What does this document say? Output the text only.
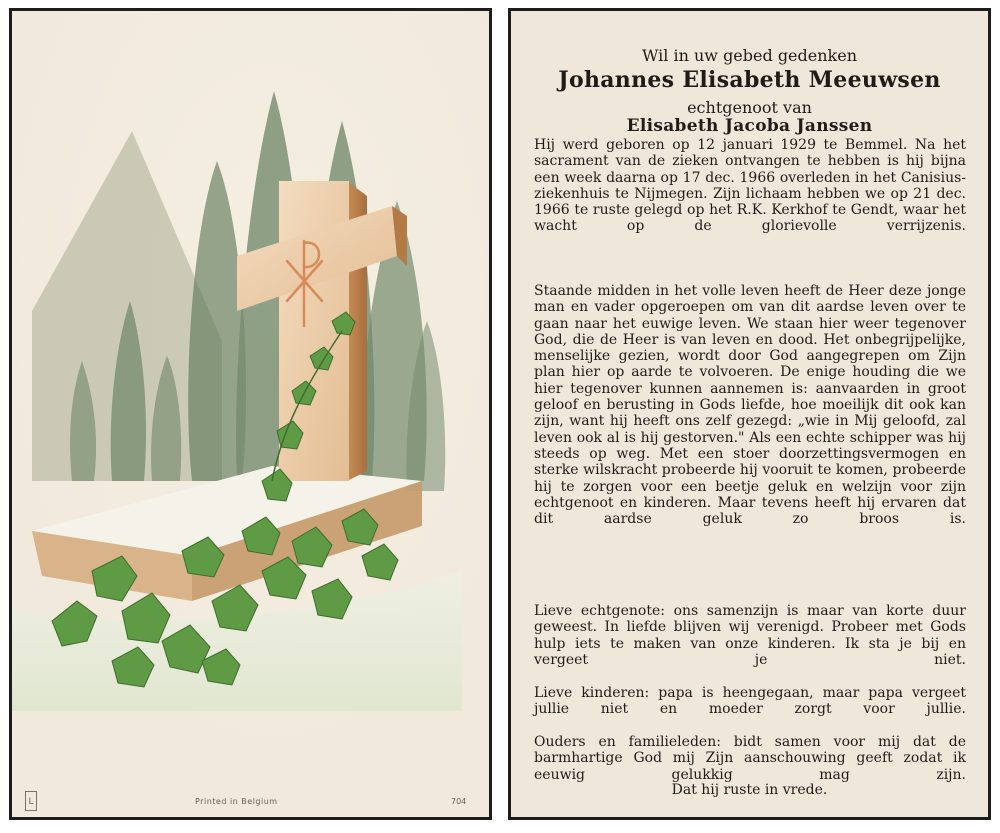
L	Printed in Belgium	704
Wil in uw gebed gedenken
Johannes Elisabeth Meeuwsen
echtgenoot van
Elisabeth Jacoba Janssen

Hij werd geboren op 12 januari 1929 te Bemmel. Na het sacrament van de zieken ontvangen te hebben is hij bijna een week daarna op 17 dec. 1966 overleden in het Canisius-ziekenhuis te Nijmegen. Zijn lichaam hebben we op 21 dec. 1966 te ruste gelegd op het R.K. Kerkhof te Gendt, waar het wacht op de glorievolle verrijzenis.

Staande midden in het volle leven heeft de Heer deze jonge man en vader opgeroepen om van dit aardse leven over te gaan naar het euwige leven. We staan hier weer tegenover God, die de Heer is van leven en dood. Het onbegrijpelijke, menselijke gezien, wordt door God aangegrepen om Zijn plan hier op aarde te volvoeren. De enige houding die we hier tegenover kunnen aannemen is: aanvaarden in groot geloof en berusting in Gods liefde, hoe moeilijk dit ook kan zijn, want hij heeft ons zelf gezegd: „wie in Mij geloofd, zal leven ook al is hij gestorven." Als een echte schipper was hij steeds op weg. Met een stoer doorzettingsvermogen en sterke wilskracht probeerde hij vooruit te komen, probeerde hij te zorgen voor een beetje geluk en welzijn voor zijn echtgenoot en kinderen. Maar tevens heeft hij ervaren dat dit aardse geluk zo broos is.

Lieve echtgenote: ons samenzijn is maar van korte duur geweest. In liefde blijven wij verenigd. Probeer met Gods hulp iets te maken van onze kinderen. Ik sta je bij en vergeet je niet.

Lieve kinderen: papa is heengegaan, maar papa vergeet jullie niet en moeder zorgt voor jullie.

Ouders en familieleden: bidt samen voor mij dat de barmhartige God mij Zijn aanschouwing geeft zodat ik eeuwig gelukkig mag zijn.

Dat hij ruste in vrede.
